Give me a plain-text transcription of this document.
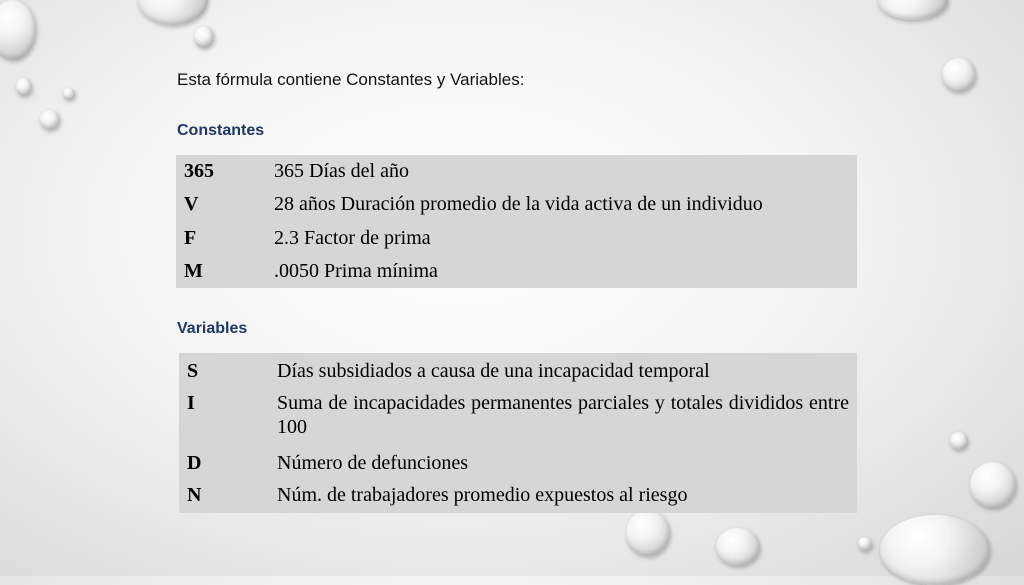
Esta fórmula contiene Constantes y Variables:
Constantes
365	365 Días del año
V	28 años Duración promedio de la vida activa de un individuo
F	2.3 Factor de prima
M	.0050 Prima mínima
Variables
S	Días subsidiados a causa de una incapacidad temporal
I	Suma de incapacidades permanentes parciales y totales divididos entre 100
D	Número de defunciones
N	Núm. de trabajadores promedio expuestos al riesgo
